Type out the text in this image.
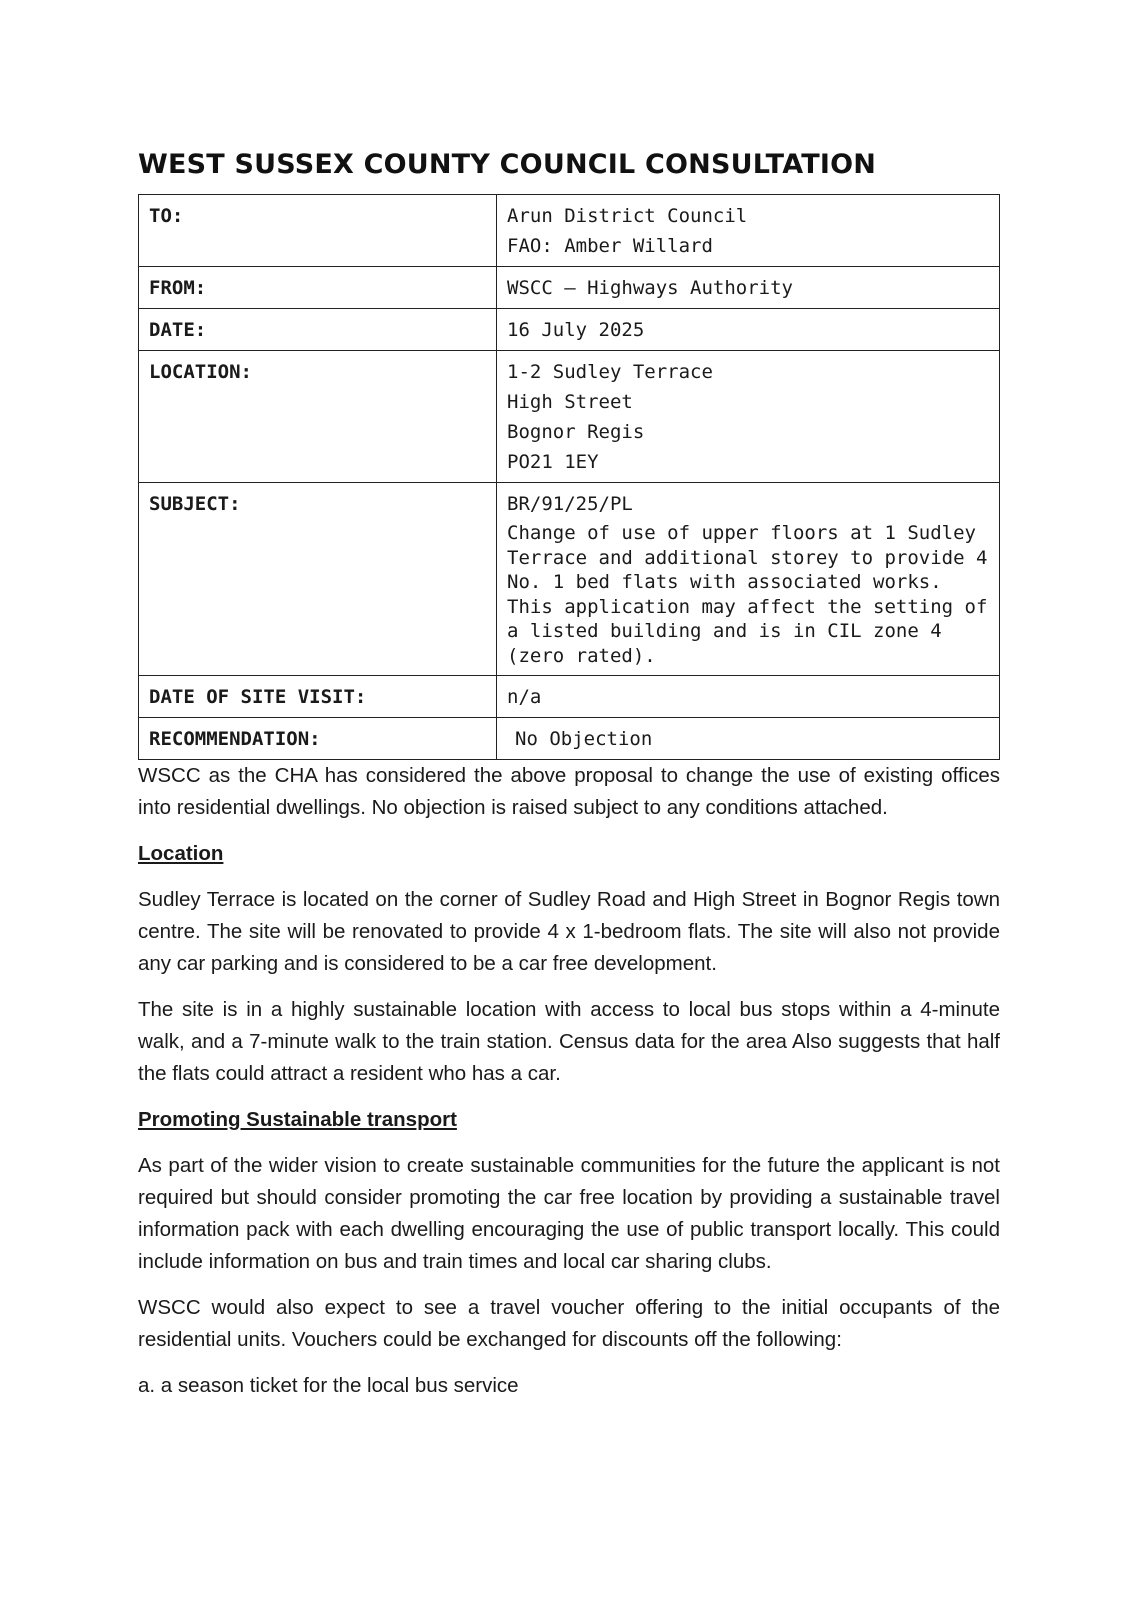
WEST SUSSEX COUNTY COUNCIL CONSULTATION
TO:	Arun District Council
FAO: Amber Willard

FROM:	WSCC – Highways Authority
DATE:	16 July 2025
LOCATION:	1-2 Sudley Terrace
High Street
Bognor Regis
PO21 1EY

SUBJECT:	BR/91/25/PL
Change of use of upper floors at 1 Sudley Terrace and additional storey to provide 4 No. 1 bed flats with associated works. This application may affect the setting of a listed building and is in CIL zone 4 (zero rated).

DATE OF SITE VISIT:	n/a
RECOMMENDATION:	No Objection

WSCC as the CHA has considered the above proposal to change the use of existing offices into residential dwellings. No objection is raised subject to any conditions attached.

Location

Sudley Terrace is located on the corner of Sudley Road and High Street in Bognor Regis town centre. The site will be renovated to provide 4 x 1-bedroom flats. The site will also not provide any car parking and is considered to be a car free development.

The site is in a highly sustainable location with access to local bus stops within a 4-minute walk, and a 7-minute walk to the train station. Census data for the area Also suggests that half the flats could attract a resident who has a car.

Promoting Sustainable transport

As part of the wider vision to create sustainable communities for the future the applicant is not required but should consider promoting the car free location by providing a sustainable travel information pack with each dwelling encouraging the use of public transport locally. This could include information on bus and train times and local car sharing clubs.

WSCC would also expect to see a travel voucher offering to the initial occupants of the residential units. Vouchers could be exchanged for discounts off the following:

a. a season ticket for the local bus service
